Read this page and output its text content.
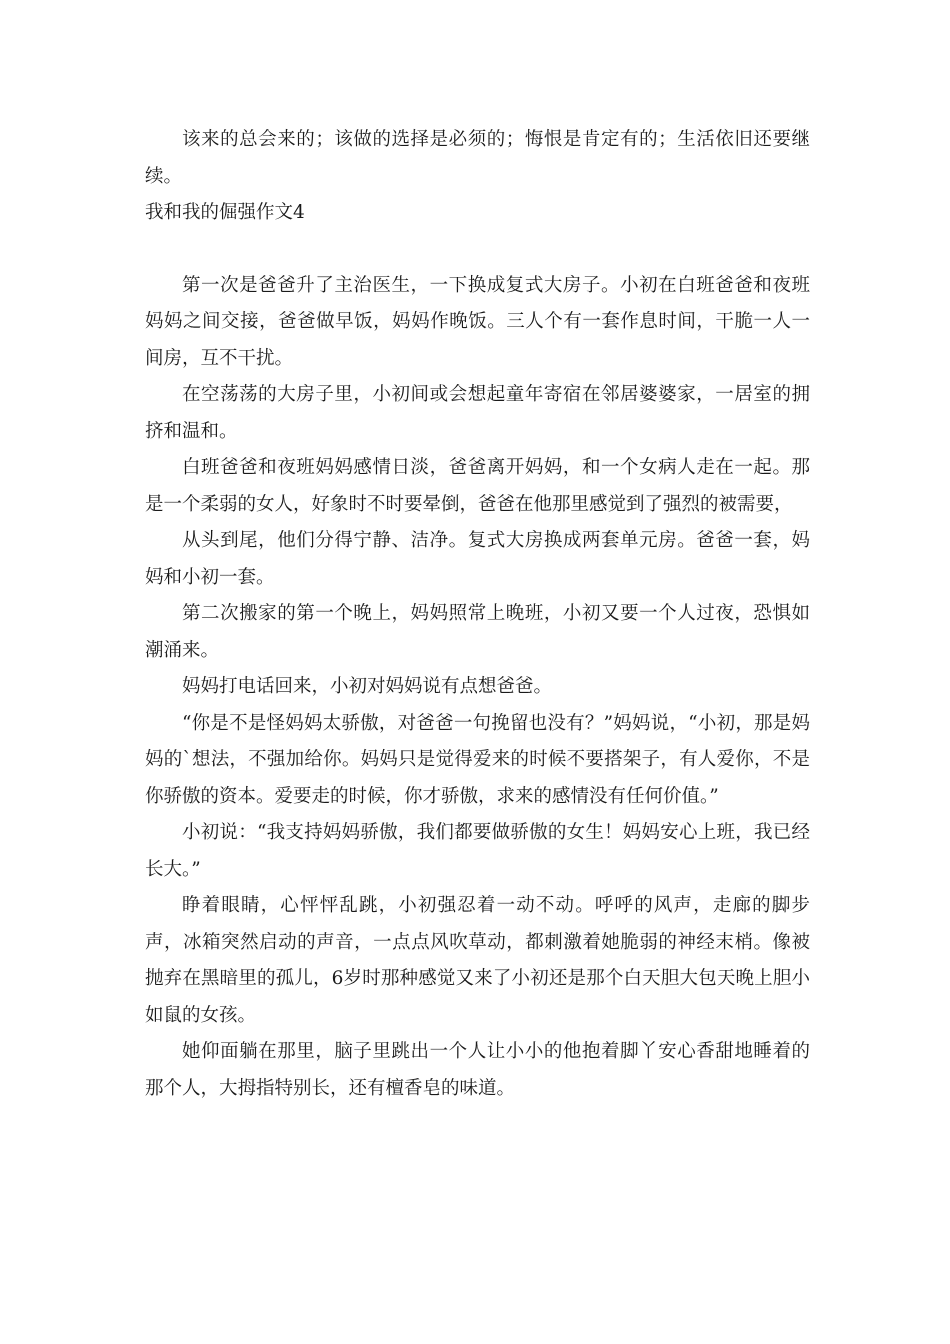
该来的总会来的；该做的选择是必须的；悔恨是肯定有的；生活依旧还要继续。

我和我的倔强作文4

第一次是爸爸升了主治医生，一下换成复式大房子。小初在白班爸爸和夜班妈妈之间交接，爸爸做早饭，妈妈作晚饭。三人个有一套作息时间，干脆一人一间房，互不干扰。

在空荡荡的大房子里，小初间或会想起童年寄宿在邻居婆婆家，一居室的拥挤和温和。

白班爸爸和夜班妈妈感情日淡，爸爸离开妈妈，和一个女病人走在一起。那是一个柔弱的女人，好象时不时要晕倒，爸爸在他那里感觉到了强烈的被需要，

从头到尾，他们分得宁静、洁净。复式大房换成两套单元房。爸爸一套，妈妈和小初一套。

第二次搬家的第一个晚上，妈妈照常上晚班，小初又要一个人过夜，恐惧如潮涌来。

妈妈打电话回来，小初对妈妈说有点想爸爸。

“你是不是怪妈妈太骄傲，对爸爸一句挽留也没有？”妈妈说，“小初，那是妈妈的`想法，不强加给你。妈妈只是觉得爱来的时候不要搭架子，有人爱你，不是你骄傲的资本。爱要走的时候，你才骄傲，求来的感情没有任何价值。”

小初说：“我支持妈妈骄傲，我们都要做骄傲的女生！妈妈安心上班，我已经长大。”

睁着眼睛，心怦怦乱跳，小初强忍着一动不动。呼呼的风声，走廊的脚步声，冰箱突然启动的声音，一点点风吹草动，都刺激着她脆弱的神经末梢。像被抛弃在黑暗里的孤儿，6岁时那种感觉又来了小初还是那个白天胆大包天晚上胆小如鼠的女孩。

她仰面躺在那里，脑子里跳出一个人让小小的他抱着脚丫安心香甜地睡着的那个人，大拇指特别长，还有檀香皂的味道。
